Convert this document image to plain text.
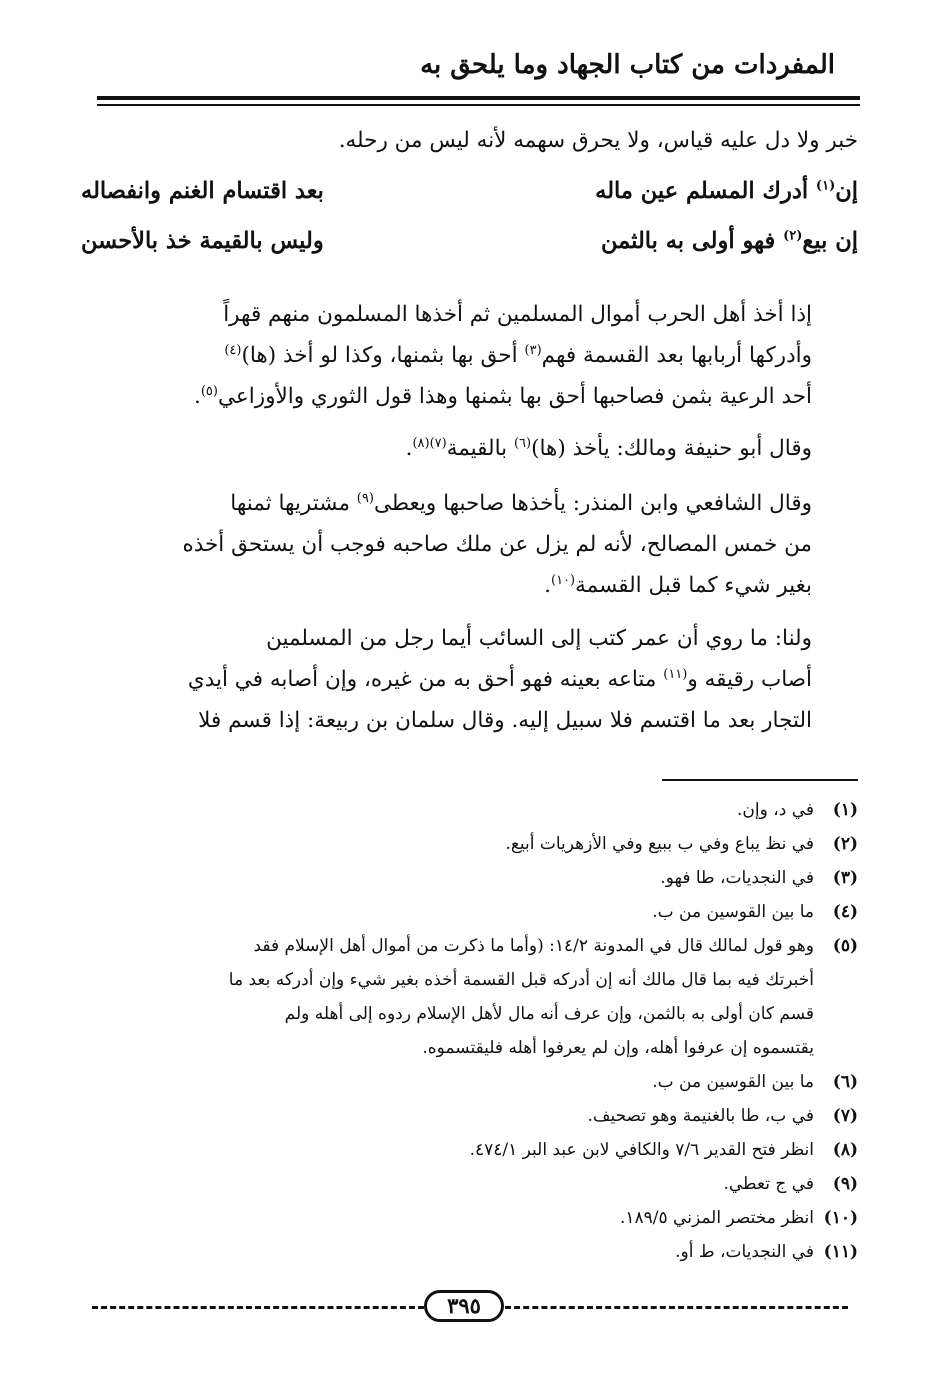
المفردات من كتاب الجهاد وما يلحق به

خبر ولا دل عليه قياس، ولا يحرق سهمه لأنه ليس من رحله.

إن$^{(١)}$ أدرك المسلم عين ماله
بعد اقتسام الغنم وانفصاله
إن بيع$^{(٢)}$ فهو أولى به بالثمن
وليس بالقيمة خذ بالأحسن

إذا أخذ أهل الحرب أموال المسلمين ثم أخذها المسلمون منهم قهراً
وأدركها أربابها بعد القسمة فهم$^{(٣)}$ أحق بها بثمنها، وكذا لو أخذ (ها)$^{(٤)}$
أحد الرعية بثمن فصاحبها أحق بها بثمنها وهذا قول الثوري والأوزاعي$^{(٥)}$.

وقال أبو حنيفة ومالك: يأخذ (ها)$^{(٦)}$ بالقيمة$^{(٧)(٨)}$.

وقال الشافعي وابن المنذر: يأخذها صاحبها ويعطى$^{(٩)}$ مشتريها ثمنها
من خمس المصالح، لأنه لم يزل عن ملك صاحبه فوجب أن يستحق أخذه
بغير شيء كما قبل القسمة$^{(١٠)}$.

ولنا: ما روي أن عمر كتب إلى السائب أيما رجل من المسلمين
أصاب رقيقه و$^{(١١)}$ متاعه بعينه فهو أحق به من غيره، وإن أصابه في أيدي
التجار بعد ما اقتسم فلا سبيل إليه. وقال سلمان بن ربيعة: إذا قسم فلا

(١)
في د، وإن.
(٢)
في نظ يباع وفي ب ببيع وفي الأزهريات أبيع.
(٣)
في النجديات، طا فهو.
(٤)
ما بين القوسين من ب.
(٥)
وهو قول لمالك قال في المدونة ١٤/٢: (وأما ما ذكرت من أموال أهل الإسلام فقد
أخبرتك فيه بما قال مالك أنه إن أدركه قبل القسمة أخذه بغير شيء وإن أدركه بعد ما
قسم كان أولى به بالثمن، وإن عرف أنه مال لأهل الإسلام ردوه إلى أهله ولم
يقتسموه إن عرفوا أهله، وإن لم يعرفوا أهله فليقتسموه.
(٦)
ما بين القوسين من ب.
(٧)
في ب، طا بالغنيمة وهو تصحيف.
(٨)
انظر فتح القدير ٧/٦ والكافي لابن عبد البر ٤٧٤/١.
(٩)
في ج تعطي.
(١٠)
انظر مختصر المزني ١٨٩/٥.
(١١)
في النجديات، ط أو.
٣٩٥
